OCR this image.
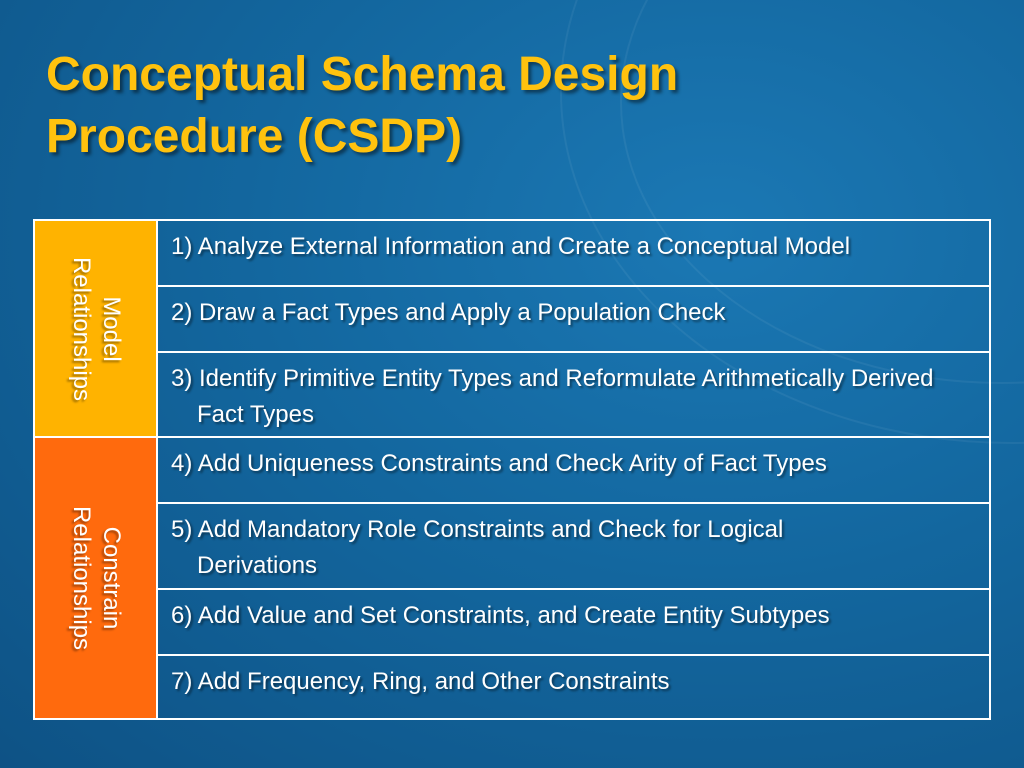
Conceptual Schema Design
Procedure (CSDP)
Model
Relationships
Constrain
Relationships
1) Analyze External Information and Create a Conceptual Model
2) Draw a Fact Types and Apply a Population Check
3) Identify Primitive Entity Types and Reformulate Arithmetically Derived Fact Types
4) Add Uniqueness Constraints and Check Arity of Fact Types
5) Add Mandatory Role Constraints and Check for Logical Derivations
6) Add Value and Set Constraints, and Create Entity Subtypes
7) Add Frequency, Ring, and Other Constraints
